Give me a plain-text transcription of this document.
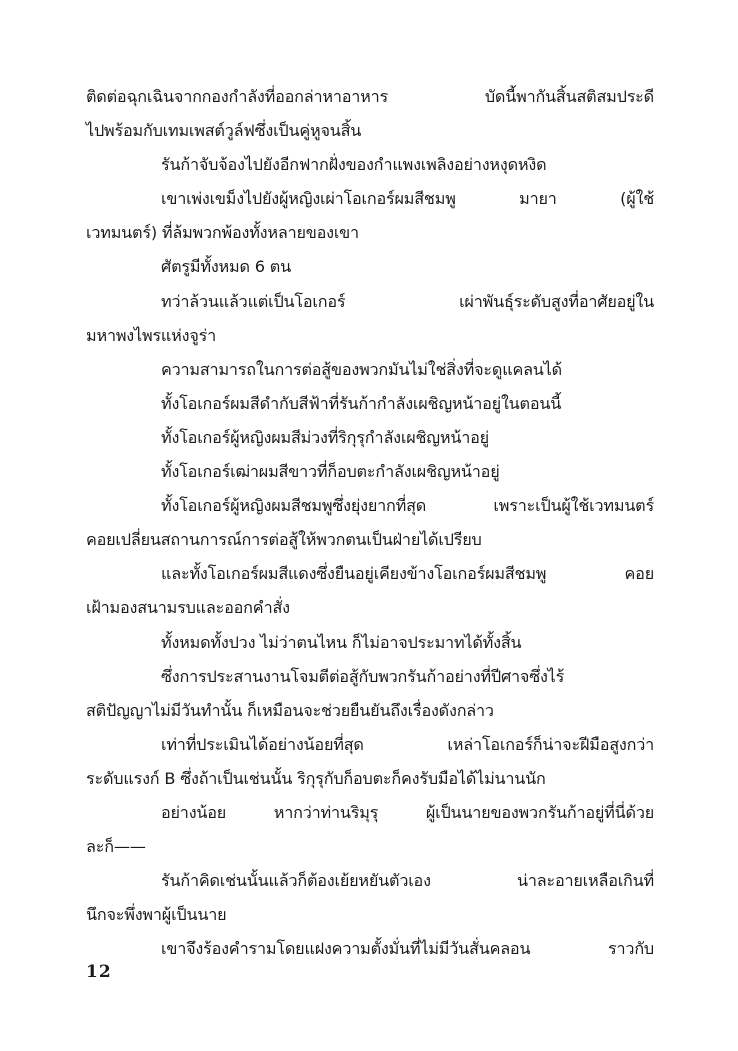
ติดต่อฉุกเฉินจากกองกำลังที่ออกล่าหาอาหาร บัดนี้พากันสิ้นสติสมประดี
ไปพร้อมกับเทมเพสต์วูล์ฟซึ่งเป็นคู่หูจนสิ้น
รันก้าจับจ้องไปยังอีกฟากฝั่งของกำแพงเพลิงอย่างหงุดหงิด
เขาเพ่งเขม็งไปยังผู้หญิงเผ่าโอเกอร์ผมสีชมพู มายา (ผู้ใช้
เวทมนตร์) ที่ล้มพวกพ้องทั้งหลายของเขา
ศัตรูมีทั้งหมด 6 ตน
ทว่าล้วนแล้วแต่เป็นโอเกอร์ เผ่าพันธุ์ระดับสูงที่อาศัยอยู่ใน
มหาพงไพรแห่งจูร่า
ความสามารถในการต่อสู้ของพวกมันไม่ใช่สิ่งที่จะดูแคลนได้
ทั้งโอเกอร์ผมสีดำกับสีฟ้าที่รันก้ากำลังเผชิญหน้าอยู่ในตอนนี้
ทั้งโอเกอร์ผู้หญิงผมสีม่วงที่ริกุรุกำลังเผชิญหน้าอยู่
ทั้งโอเกอร์เฒ่าผมสีขาวที่ก็อบตะกำลังเผชิญหน้าอยู่
ทั้งโอเกอร์ผู้หญิงผมสีชมพูซึ่งยุ่งยากที่สุด เพราะเป็นผู้ใช้เวทมนตร์
คอยเปลี่ยนสถานการณ์การต่อสู้ให้พวกตนเป็นฝ่ายได้เปรียบ
และทั้งโอเกอร์ผมสีแดงซึ่งยืนอยู่เคียงข้างโอเกอร์ผมสีชมพู คอย
เฝ้ามองสนามรบและออกคำสั่ง
ทั้งหมดทั้งปวง ไม่ว่าตนไหน ก็ไม่อาจประมาทได้ทั้งสิ้น
ซึ่งการประสานงานโจมตีต่อสู้กับพวกรันก้าอย่างที่ปีศาจซึ่งไร้
สติปัญญาไม่มีวันทำนั้น ก็เหมือนจะช่วยยืนยันถึงเรื่องดังกล่าว
เท่าที่ประเมินได้อย่างน้อยที่สุด เหล่าโอเกอร์ก็น่าจะฝีมือสูงกว่า
ระดับแรงก์ B ซึ่งถ้าเป็นเช่นนั้น ริกุรุกับก็อบตะก็คงรับมือได้ไม่นานนัก
อย่างน้อย หากว่าท่านริมุรุ ผู้เป็นนายของพวกรันก้าอยู่ที่นี่ด้วย
ละก็——
รันก้าคิดเช่นนั้นแล้วก็ต้องเย้ยหยันตัวเอง น่าละอายเหลือเกินที่
นึกจะพึ่งพาผู้เป็นนาย
เขาจึงร้องคำรามโดยแฝงความตั้งมั่นที่ไม่มีวันสั่นคลอน ราวกับ
12
